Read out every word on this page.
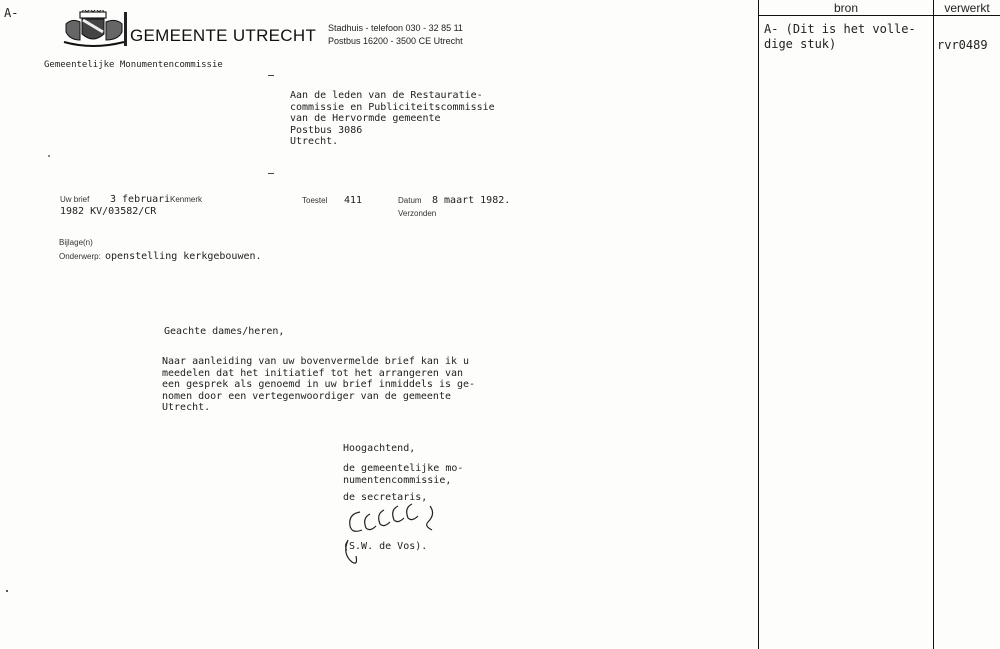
A-
GEMEENTE UTRECHT Stadhuis - telefoon 030 - 32 85 11
Postbus 16200 - 3500 CE Utrecht
Gemeentelijke Monumentencommissie
Aan de leden van de Restauratie-
commissie en Publiciteitscommissie
van de Hervormde gemeente
Postbus 3086
Utrecht.
Uw brief 3 februari
1982 KV/03582/CR
Kenmerk	Toestel 411	Datum 8 maart 1982.
Verzonden
Bijlage(n)
Onderwerp: openstelling kerkgebouwen.
Geachte dames/heren,
Naar aanleiding van uw bovenvermelde brief kan ik u
meedelen dat het initiatief tot het arrangeren van
een gesprek als genoemd in uw brief inmiddels is ge-
nomen door een vertegenwoordiger van de gemeente
Utrecht.
Hoogachtend,
de gemeentelijke mo-
numentencommissie,
de secretaris,
(S.W. de Vos).
bron	verwerkt
A- (Dit is het volle-
dige stuk)	rvr0489
